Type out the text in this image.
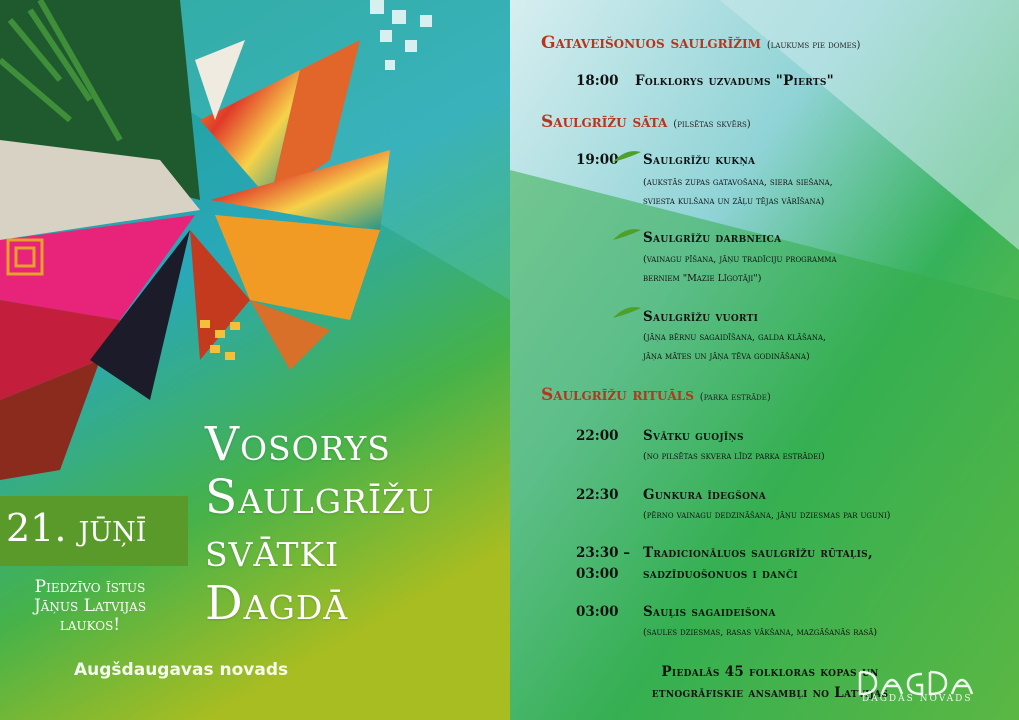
Vosorys
Saulgrīžu
svātki
Dagdā
21. jūņī
Piedzīvo īstus
Jāņus Latvijas
laukos!
Augšdaugavas novads
Gataveišonuos saulgrīžim (laukums pie domes)
18:00 Folklorys uzvadums "Pierts"
Saulgrīžu sāta (pilsētas skvērs)
19:00 Saulgrīžu kukņa
(aukstās zupas gatavošana, siera siešana,
sviesta kulšana un zāļu tējas vārīšana)
Saulgrīžu darbneica
(vainagu pīšana, jāņu tradīciju programma
berniem "Mazie Līgotāji")
Saulgrīžu vuorti
(jāņa bērnu sagaidīšana, galda klāšana,
jāņa mātes un jāņa tēva godināšana)
Saulgrīžu rituāls (parka estrāde)
22:00 Svātku guojīņs
(no pilsētas skvera līdz parka estrādei)
22:30 Gunkura īdegšona
(pērno vainagu dedzināšana, jāņu dziesmas par uguni)
23:30 –
03:00
Tradicionāluos saulgrīžu rūtaļis,
sadzīduošonuos i danči
03:00 Sauļis sagaideišona
(saules dziesmas, rasas vākšana, mazgāšanās rasā)
Piedalās 45 folkloras kopas un
etnogrāfiskie ansambļi no Latvijas
DAGDAS NOVADS
